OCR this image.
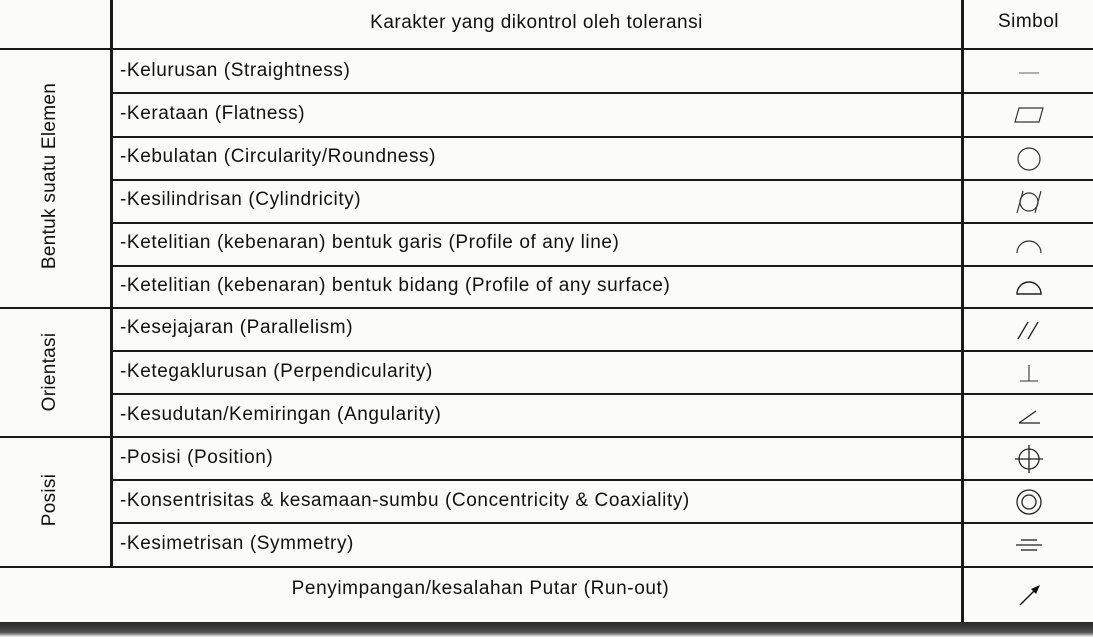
Karakter yang dikontrol oleh toleransi	Simbol
Bentuk suatu Elemen
Orientasi
Posisi
-Kelurusan (Straightness)
-Kerataan (Flatness)
-Kebulatan (Circularity/Roundness)
-Kesilindrisan (Cylindricity)
-Ketelitian (kebenaran) bentuk garis (Profile of any line)
-Ketelitian (kebenaran) bentuk bidang (Profile of any surface)
-Kesejajaran (Parallelism)
-Ketegaklurusan (Perpendicularity)
-Kesudutan/Kemiringan (Angularity)
-Posisi (Position)
-Konsentrisitas & kesamaan-sumbu (Concentricity & Coaxiality)
-Kesimetrisan (Symmetry)
Penyimpangan/kesalahan Putar (Run-out)
